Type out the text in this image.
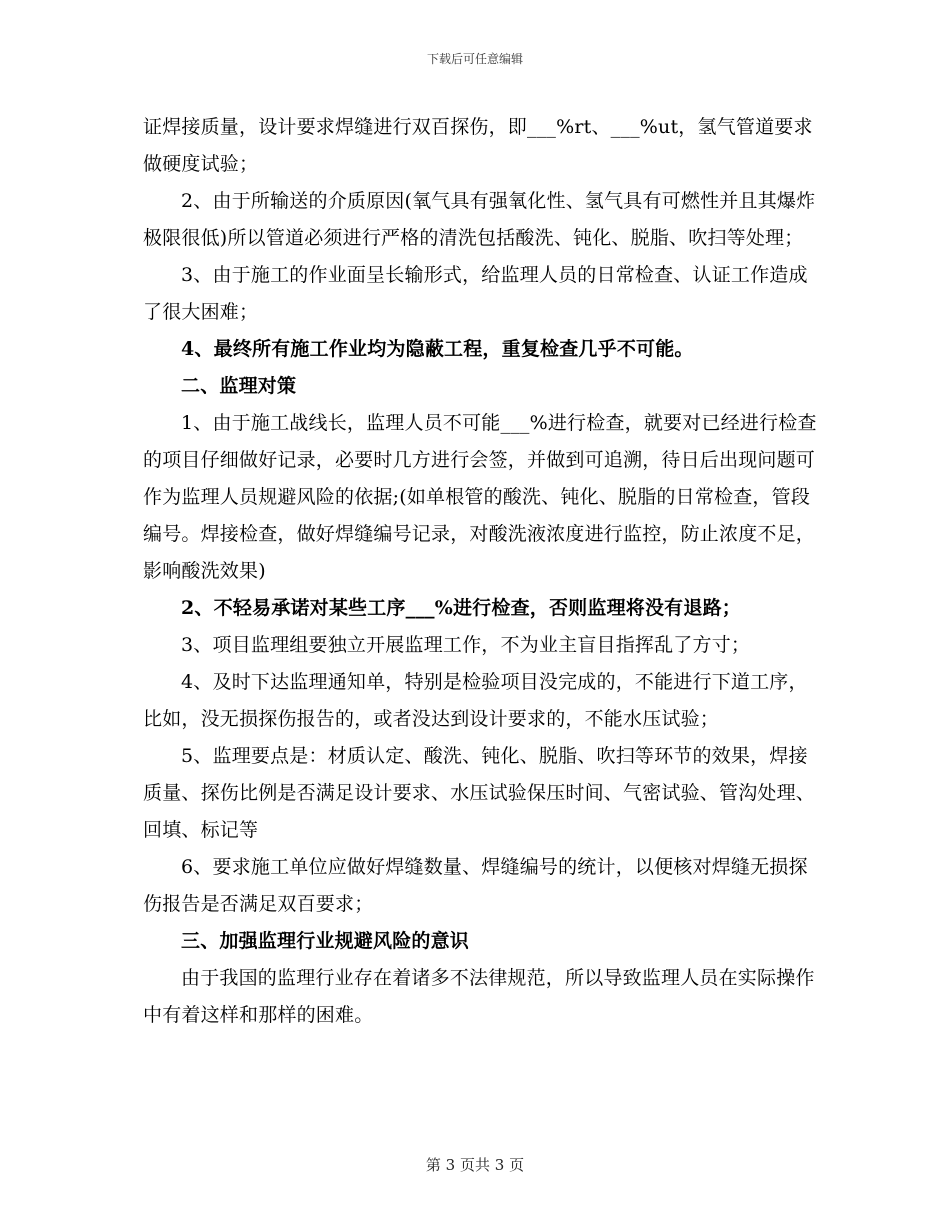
下载后可任意编辑

证焊接质量，设计要求焊缝进行双百探伤，即___%rt、___%ut，氢气管道要求做硬度试验；

2、由于所输送的介质原因(氧气具有强氧化性、氢气具有可燃性并且其爆炸极限很低)所以管道必须进行严格的清洗包括酸洗、钝化、脱脂、吹扫等处理；

3、由于施工的作业面呈长输形式，给监理人员的日常检查、认证工作造成了很大困难；

4、最终所有施工作业均为隐蔽工程，重复检查几乎不可能。

二、监理对策

1、由于施工战线长，监理人员不可能___%进行检查，就要对已经进行检查的项目仔细做好记录，必要时几方进行会签，并做到可追溯，待日后出现问题可作为监理人员规避风险的依据;(如单根管的酸洗、钝化、脱脂的日常检查，管段编号。焊接检查，做好焊缝编号记录，对酸洗液浓度进行监控，防止浓度不足，影响酸洗效果)

2、不轻易承诺对某些工序___%进行检查，否则监理将没有退路；

3、项目监理组要独立开展监理工作，不为业主盲目指挥乱了方寸；

4、及时下达监理通知单，特别是检验项目没完成的，不能进行下道工序，比如，没无损探伤报告的，或者没达到设计要求的，不能水压试验；

5、监理要点是：材质认定、酸洗、钝化、脱脂、吹扫等环节的效果，焊接质量、探伤比例是否满足设计要求、水压试验保压时间、气密试验、管沟处理、回填、标记等

6、要求施工单位应做好焊缝数量、焊缝编号的统计，以便核对焊缝无损探伤报告是否满足双百要求；

三、加强监理行业规避风险的意识

由于我国的监理行业存在着诸多不法律规范，所以导致监理人员在实际操作中有着这样和那样的困难。

第 3 页共 3 页
